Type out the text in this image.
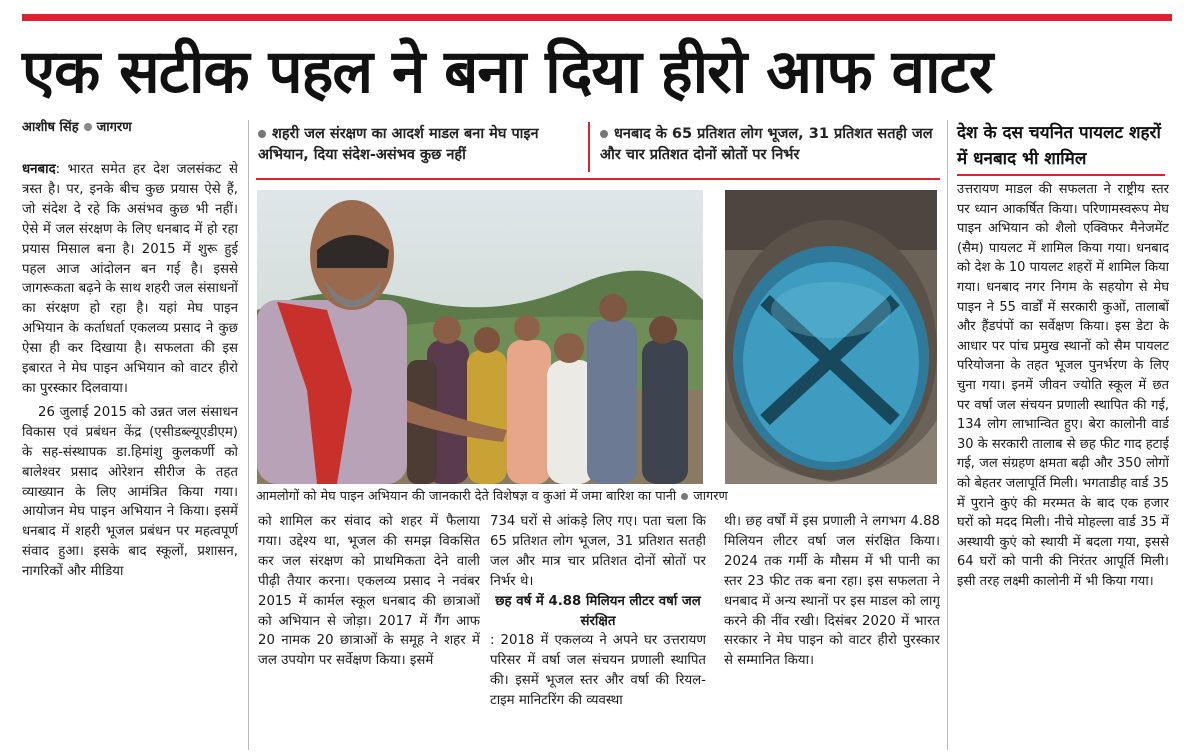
एक सटीक पहल ने बना दिया हीरो आफ वाटर
आशीष सिंह जागरण	शहरी जल संरक्षण का आदर्श माडल बना मेघ पाइन अभियान, दिया संदेश-असंभव कुछ नहीं
धनबाद के 65 प्रतिशत लोग भूजल, 31 प्रतिशत सतही जल और चार प्रतिशत दोनों स्रोतों पर निर्भर

धनबाद: भारत समेत हर देश जलसंकट से त्रस्त है। पर, इनके बीच कुछ प्रयास ऐसे हैं, जो संदेश दे रहे कि असंभव कुछ भी नहीं। ऐसे में जल संरक्षण के लिए धनबाद में हो रहा प्रयास मिसाल बना है। 2015 में शुरू हुई पहल आज आंदोलन बन गई है। इससे जागरूकता बढ़ने के साथ शहरी जल संसाधनों का संरक्षण हो रहा है। यहां मेघ पाइन अभियान के कर्ताधर्ता एकलव्य प्रसाद ने कुछ ऐसा ही कर दिखाया है। सफलता की इस इबारत ने मेघ पाइन अभियान को वाटर हीरो का पुरस्कार दिलवाया।

26 जुलाई 2015 को उन्नत जल संसाधन विकास एवं प्रबंधन केंद्र (एसीडब्ल्यूएडीएम) के सह-संस्थापक डा.हिमांशु कुलकर्णी को बालेश्वर प्रसाद ओरेशन सीरीज के तहत व्याख्यान के लिए आमंत्रित किया गया। आयोजन मेघ पाइन अभियान ने किया। इसमें धनबाद में शहरी भूजल प्रबंधन पर महत्वपूर्ण संवाद हुआ। इसके बाद स्कूलों, प्रशासन, नागरिकों और मीडिया

आमलोगों को मेघ पाइन अभियान की जानकारी देते विशेषज्ञ व कुआं में जमा बारिश का पानी जागरण

को शामिल कर संवाद को शहर में फैलाया गया। उद्देश्य था, भूजल की समझ विकसित कर जल संरक्षण को प्राथमिकता देने वाली पीढ़ी तैयार करना। एकलव्य प्रसाद ने नवंबर 2015 में कार्मल स्कूल धनबाद की छात्राओं को अभियान से जोड़ा। 2017 में गैंग आफ 20 नामक 20 छात्राओं के समूह ने शहर में जल उपयोग पर सर्वेक्षण किया। इसमें

734 घरों से आंकड़े लिए गए। पता चला कि 65 प्रतिशत लोग भूजल, 31 प्रतिशत सतही जल और मात्र चार प्रतिशत दोनों स्रोतों पर निर्भर थे।

छह वर्ष में 4.88 मिलियन लीटर वर्षा जल संरक्षित

: 2018 में एकलव्य ने अपने घर उत्तरायण परिसर में वर्षा जल संचयन प्रणाली स्थापित की। इसमें भूजल स्तर और वर्षा की रियल-टाइम मानिटरिंग की व्यवस्था

थी। छह वर्षों में इस प्रणाली ने लगभग 4.88 मिलियन लीटर वर्षा जल संरक्षित किया। 2024 तक गर्मी के मौसम में भी पानी का स्तर 23 फीट तक बना रहा। इस सफलता ने धनबाद में अन्य स्थानों पर इस माडल को लागू करने की नींव रखी। दिसंबर 2020 में भारत सरकार ने मेघ पाइन को वाटर हीरो पुरस्कार से सम्मानित किया।

देश के दस चयनित पायलट शहरों में धनबाद भी शामिल

उत्तरायण माडल की सफलता ने राष्ट्रीय स्तर पर ध्यान आकर्षित किया। परिणामस्वरूप मेघ पाइन अभियान को शैलो एक्विफर मैनेजमेंट (सैम) पायलट में शामिल किया गया। धनबाद को देश के 10 पायलट शहरों में शामिल किया गया। धनबाद नगर निगम के सहयोग से मेघ पाइन ने 55 वार्डों में सरकारी कुओं, तालाबों और हैंडपंपों का सर्वेक्षण किया। इस डेटा के आधार पर पांच प्रमुख स्थानों को सैम पायलट परियोजना के तहत भूजल पुनर्भरण के लिए चुना गया। इनमें जीवन ज्योति स्कूल में छत पर वर्षा जल संचयन प्रणाली स्थापित की गई, 134 लोग लाभान्वित हुए। बेरा कालोनी वार्ड 30 के सरकारी तालाब से छह फीट गाद हटाई गई, जल संग्रहण क्षमता बढ़ी और 350 लोगों को बेहतर जलापूर्ति मिली। भगताडीह वार्ड 35 में पुराने कुएं की मरम्मत के बाद एक हजार घरों को मदद मिली। नीचे मोहल्ला वार्ड 35 में अस्थायी कुएं को स्थायी में बदला गया, इससे 64 घरों को पानी की निरंतर आपूर्ति मिली। इसी तरह लक्ष्मी कालोनी में भी किया गया।
